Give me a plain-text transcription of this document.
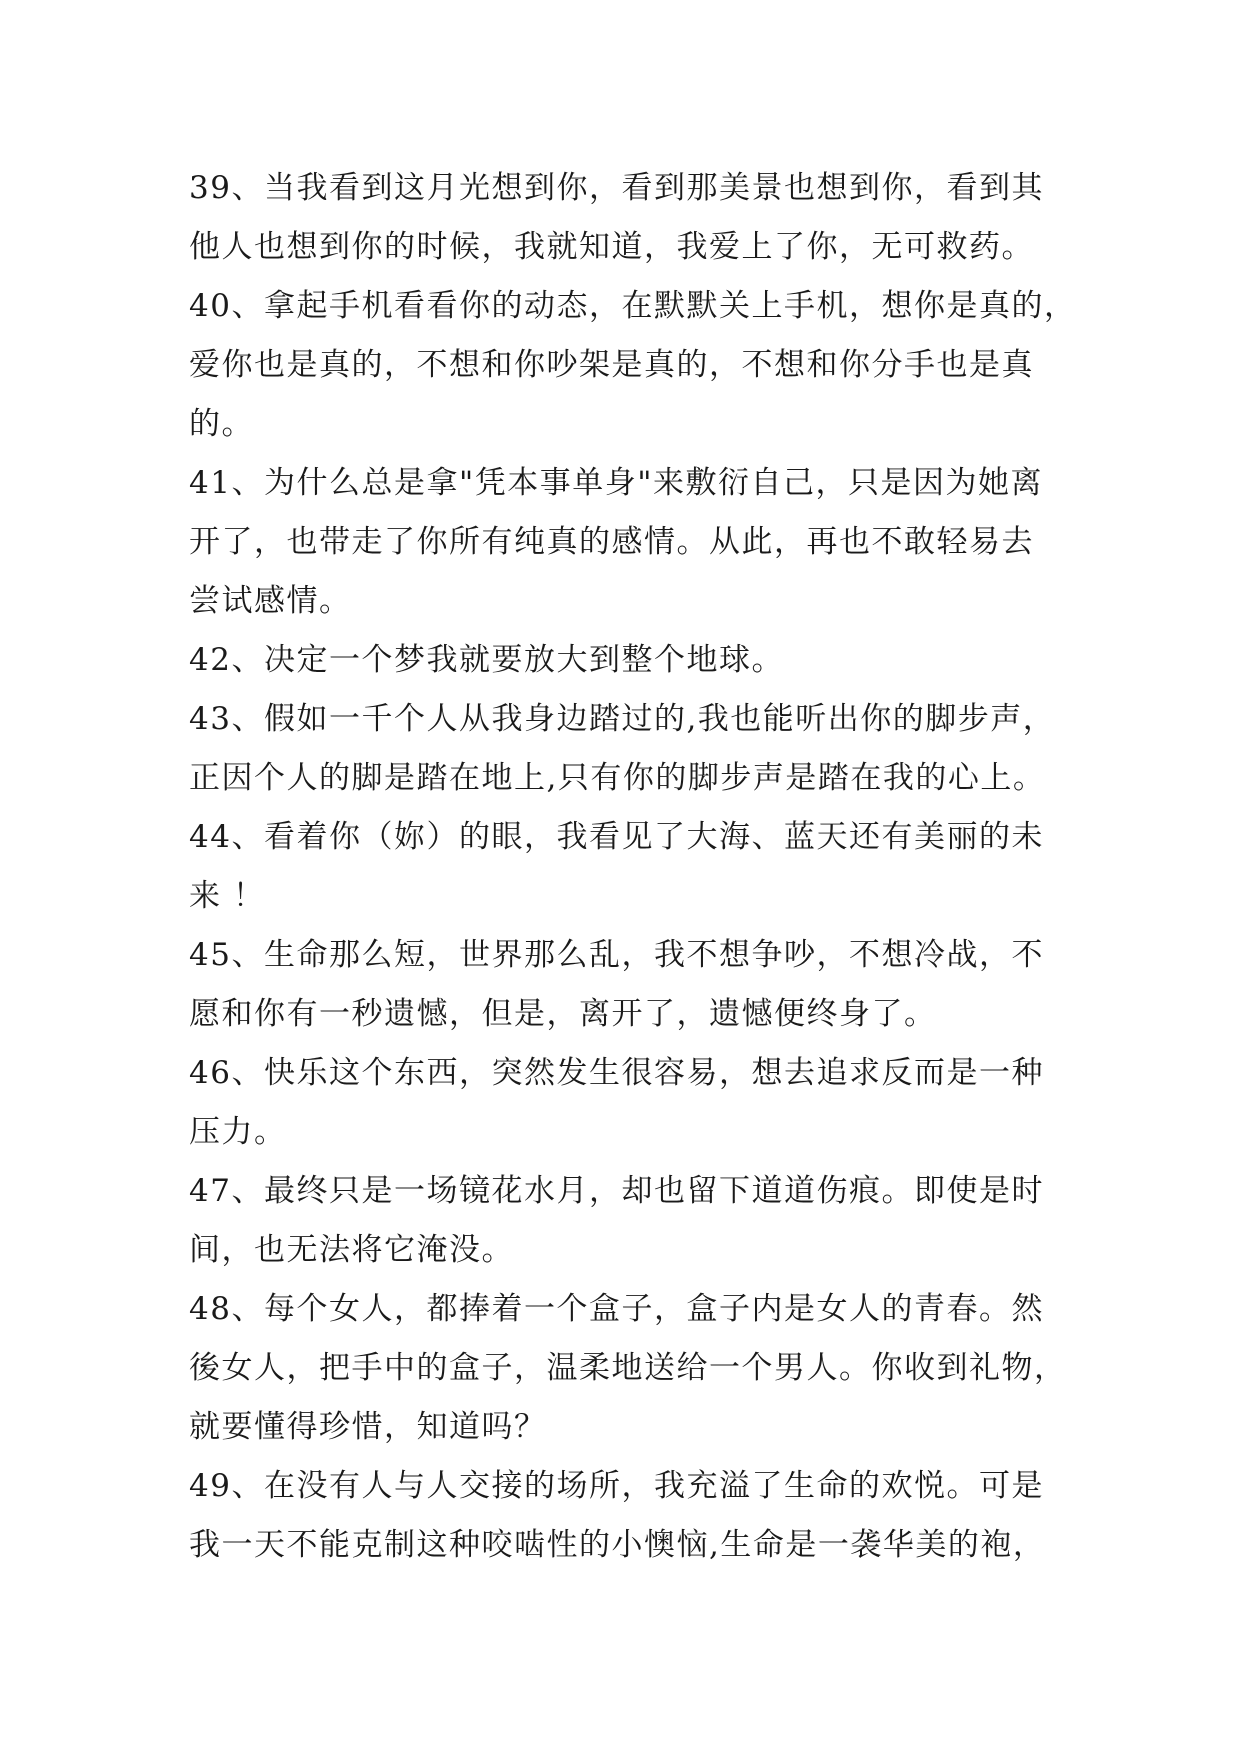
39、当我看到这月光想到你，看到那美景也想到你，看到其
他人也想到你的时候，我就知道，我爱上了你，无可救药。
40、拿起手机看看你的动态，在默默关上手机，想你是真的，
爱你也是真的，不想和你吵架是真的，不想和你分手也是真
的。
41、为什么总是拿"凭本事单身"来敷衍自己，只是因为她离
开了，也带走了你所有纯真的感情。从此，再也不敢轻易去
尝试感情。
42、决定一个梦我就要放大到整个地球。
43、假如一千个人从我身边踏过的,我也能听出你的脚步声，
正因个人的脚是踏在地上,只有你的脚步声是踏在我的心上。
44、看着你（妳）的眼，我看见了大海、蓝天还有美丽的未
来 ！
45、生命那么短，世界那么乱，我不想争吵，不想冷战，不
愿和你有一秒遗憾，但是，离开了，遗憾便终身了。
46、快乐这个东西，突然发生很容易，想去追求反而是一种
压力。
47、最终只是一场镜花水月，却也留下道道伤痕。即使是时
间，也无法将它淹没。
48、每个女人，都捧着一个盒子，盒子内是女人的青春。然
後女人，把手中的盒子，温柔地送给一个男人。你收到礼物，
就要懂得珍惜，知道吗？
49、在没有人与人交接的场所，我充溢了生命的欢悦。可是
我一天不能克制这种咬啮性的小懊恼,生命是一袭华美的袍，
